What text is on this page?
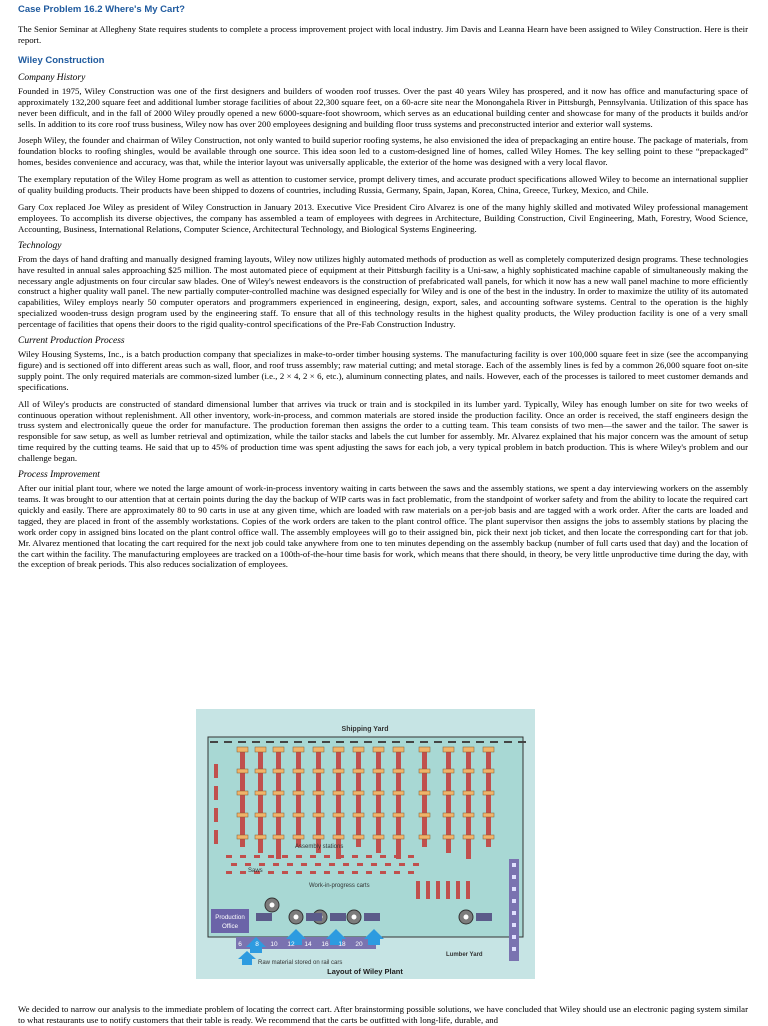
Case Problem 16.2 Where's My Cart?

The Senior Seminar at Allegheny State requires students to complete a process improvement project with local industry. Jim Davis and Leanna Hearn have been assigned to Wiley Construction. Here is their report.

Wiley Construction
Company History

Founded in 1975, Wiley Construction was one of the first designers and builders of wooden roof trusses. Over the past 40 years Wiley has prospered, and it now has office and manufacturing space of approximately 132,200 square feet and additional lumber storage facilities of about 22,300 square feet, on a 60-acre site near the Monongahela River in Pittsburgh, Pennsylvania. Utilization of this space has never been difficult, and in the fall of 2000 Wiley proudly opened a new 6000-square-foot showroom, which serves as an educational building center and showcase for many of the products it builds and/or sells. In addition to its core roof truss business, Wiley now has over 200 employees designing and building floor truss systems and preconstructed interior and exterior wall systems.

Joseph Wiley, the founder and chairman of Wiley Construction, not only wanted to build superior roofing systems, he also envisioned the idea of prepackaging an entire house. The package of materials, from foundation blocks to roofing shingles, would be available through one source. This idea soon led to a custom-designed line of homes, called Wiley Homes. The key selling point to these “prepackaged” homes, besides convenience and accuracy, was that, while the interior layout was universally applicable, the exterior of the home was designed with a very local flavor.

The exemplary reputation of the Wiley Home program as well as attention to customer service, prompt delivery times, and accurate product specifications allowed Wiley to become an international supplier of quality building products. Their products have been shipped to dozens of countries, including Russia, Germany, Spain, Japan, Korea, China, Greece, Turkey, Mexico, and Chile.

Gary Cox replaced Joe Wiley as president of Wiley Construction in January 2013. Executive Vice President Ciro Alvarez is one of the many highly skilled and motivated Wiley professional management employees. To accomplish its diverse objectives, the company has assembled a team of employees with degrees in Architecture, Building Construction, Civil Engineering, Math, Forestry, Wood Science, Accounting, Business, International Relations, Computer Science, Architectural Technology, and Biological Systems Engineering.

Technology

From the days of hand drafting and manually designed framing layouts, Wiley now utilizes highly automated methods of production as well as completely computerized design programs. These technologies have resulted in annual sales approaching $25 million. The most automated piece of equipment at their Pittsburgh facility is a Uni-saw, a highly sophisticated machine capable of simultaneously making the necessary angle adjustments on four circular saw blades. One of Wiley's newest endeavors is the construction of prefabricated wall panels, for which it now has a new wall panel machine to more efficiently construct a higher quality wall panel. The new partially computer-controlled machine was designed especially for Wiley and is one of the best in the industry. In order to maximize the utility of its automated capabilities, Wiley employs nearly 50 computer operators and programmers experienced in engineering, design, export, sales, and accounting software systems. Central to the operation is the highly specialized wooden-truss design program used by the engineering staff. To ensure that all of this technology results in the highest quality products, the Wiley production facility is one of a very small percentage of facilities that opens their doors to the rigid quality-control specifications of the Pre-Fab Construction Industry.

Current Production Process

Wiley Housing Systems, Inc., is a batch production company that specializes in make-to-order timber housing systems. The manufacturing facility is over 100,000 square feet in size (see the accompanying figure) and is sectioned off into different areas such as wall, floor, and roof truss assembly; raw material cutting; and metal storage. Each of the assembly lines is fed by a common 26,000 square foot on-site supply point. The only required materials are common-sized lumber (i.e., 2 × 4, 2 × 6, etc.), aluminum connecting plates, and nails. However, each of the processes is tailored to meet customer demands and specifications.

All of Wiley's products are constructed of standard dimensional lumber that arrives via truck or train and is stockpiled in its lumber yard. Typically, Wiley has enough lumber on site for two weeks of continuous operation without replenishment. All other inventory, work-in-process, and common materials are stored inside the production facility. Once an order is received, the staff engineers design the truss system and electronically queue the order for manufacture. The production foreman then assigns the order to a cutting team. This team consists of two men—the sawer and the tailor. The sawer is responsible for saw setup, as well as lumber retrieval and optimization, while the tailor stacks and labels the cut lumber for assembly. Mr. Alvarez explained that his major concern was the amount of setup time required by the cutting teams. He said that up to 45% of production time was spent adjusting the saws for each job, a very typical problem in batch production. This is where Wiley's problem and our challenge began.

Process Improvement

After our initial plant tour, where we noted the large amount of work-in-process inventory waiting in carts between the saws and the assembly stations, we spent a day interviewing workers on the assembly teams. It was brought to our attention that at certain points during the day the backup of WIP carts was in fact problematic, from the standpoint of worker safety and from the ability to locate the required cart quickly and easily. There are approximately 80 to 90 carts in use at any given time, which are loaded with raw materials on a per-job basis and are tagged with a work order. After the carts are loaded and tagged, they are placed in front of the assembly workstations. Copies of the work orders are taken to the plant control office. The plant supervisor then assigns the jobs to assembly stations by placing the work order copy in assigned bins located on the plant control office wall. The assembly employees will go to their assigned bin, pick their next job ticket, and then locate the corresponding cart for that job. Mr. Alvarez mentioned that locating the cart required for the next job could take anywhere from one to ten minutes depending on the assembly backup (number of full carts used that day) and the location of the cart within the facility. The manufacturing employees are tracked on a 100th-of-the-hour time basis for work, which means that there should, in theory, be very little unproductive time during the day, with the exception of break periods. This also reduces socialization of employees.

Shipping Yard
6 8 10 12 14 16 18 20
Assembly stations
Work-in-progress carts
Saws
Production
Office
Lumber Yard
Raw material stored on rail cars
Layout of Wiley Plant

We decided to narrow our analysis to the immediate problem of locating the correct cart. After brainstorming possible solutions, we have concluded that Wiley should use an electronic paging system similar to what restaurants use to notify customers that their table is ready. We recommend that the carts be outfitted with long-life, durable, and
